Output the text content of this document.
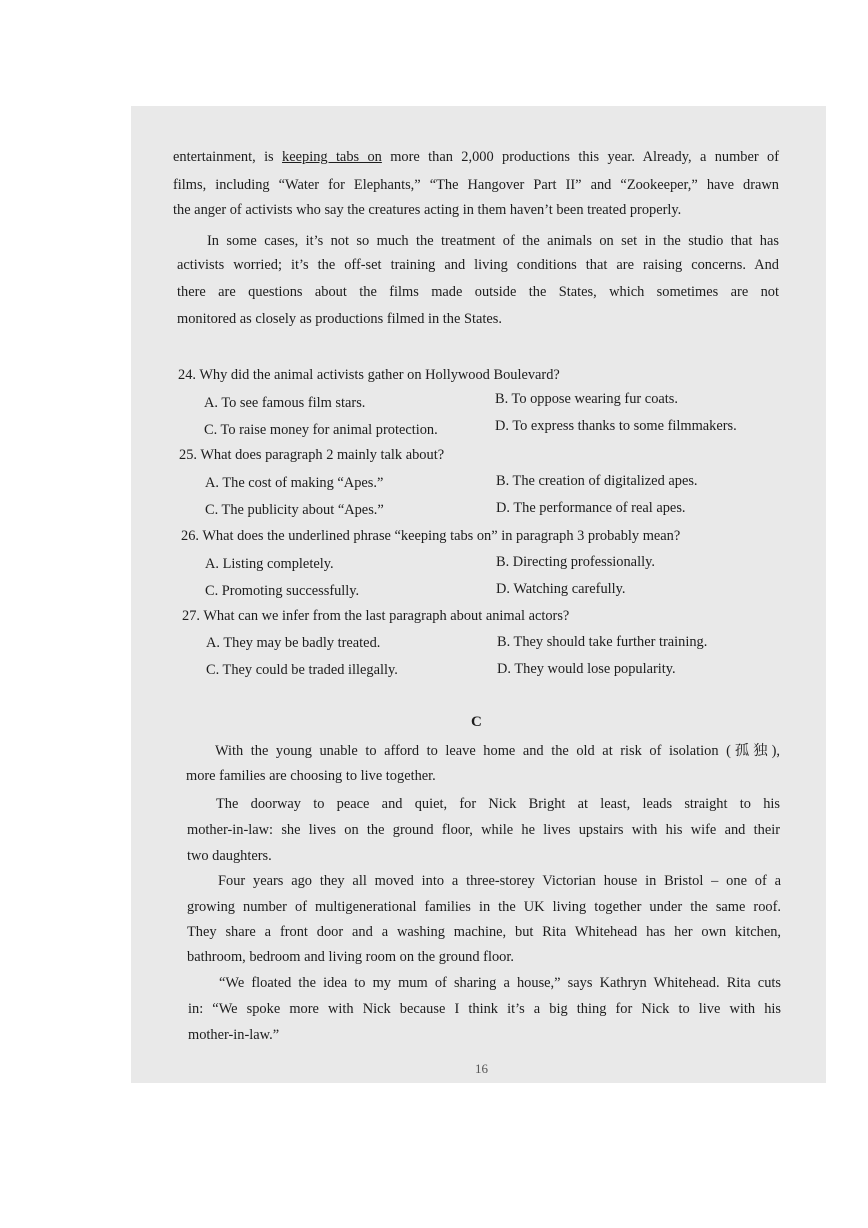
entertainment, is keeping tabs on more than 2,000 productions this year. Already, a number of
films, including “Water for Elephants,” “The Hangover Part II” and “Zookeeper,” have drawn
the anger of activists who say the creatures acting in them haven’t been treated properly.
In some cases, it’s not so much the treatment of the animals on set in the studio that has
activists worried; it’s the off-set training and living conditions that are raising concerns. And
there are questions about the films made outside the States, which sometimes are not
monitored as closely as productions filmed in the States.
24. Why did the animal activists gather on Hollywood Boulevard?
A. To see famous film stars.	B. To oppose wearing fur coats.
C. To raise money for animal protection.	D. To express thanks to some filmmakers.
25. What does paragraph 2 mainly talk about?
A. The cost of making “Apes.”	B. The creation of digitalized apes.
C. The publicity about “Apes.”	D. The performance of real apes.
26. What does the underlined phrase “keeping tabs on” in paragraph 3 probably mean?
A. Listing completely.	B. Directing professionally.
C. Promoting successfully.	D. Watching carefully.
27. What can we infer from the last paragraph about animal actors?
A. They may be badly treated.	B. They should take further training.
C. They could be traded illegally.	D. They would lose popularity.
C
With the young unable to afford to leave home and the old at risk of isolation (孤独),
more families are choosing to live together.
The doorway to peace and quiet, for Nick Bright at least, leads straight to his
mother-in-law: she lives on the ground floor, while he lives upstairs with his wife and their
two daughters.
Four years ago they all moved into a three-storey Victorian house in Bristol – one of a
growing number of multigenerational families in the UK living together under the same roof.
They share a front door and a washing machine, but Rita Whitehead has her own kitchen,
bathroom, bedroom and living room on the ground floor.
“We floated the idea to my mum of sharing a house,” says Kathryn Whitehead. Rita cuts
in: “We spoke more with Nick because I think it’s a big thing for Nick to live with his
mother-in-law.”
16
